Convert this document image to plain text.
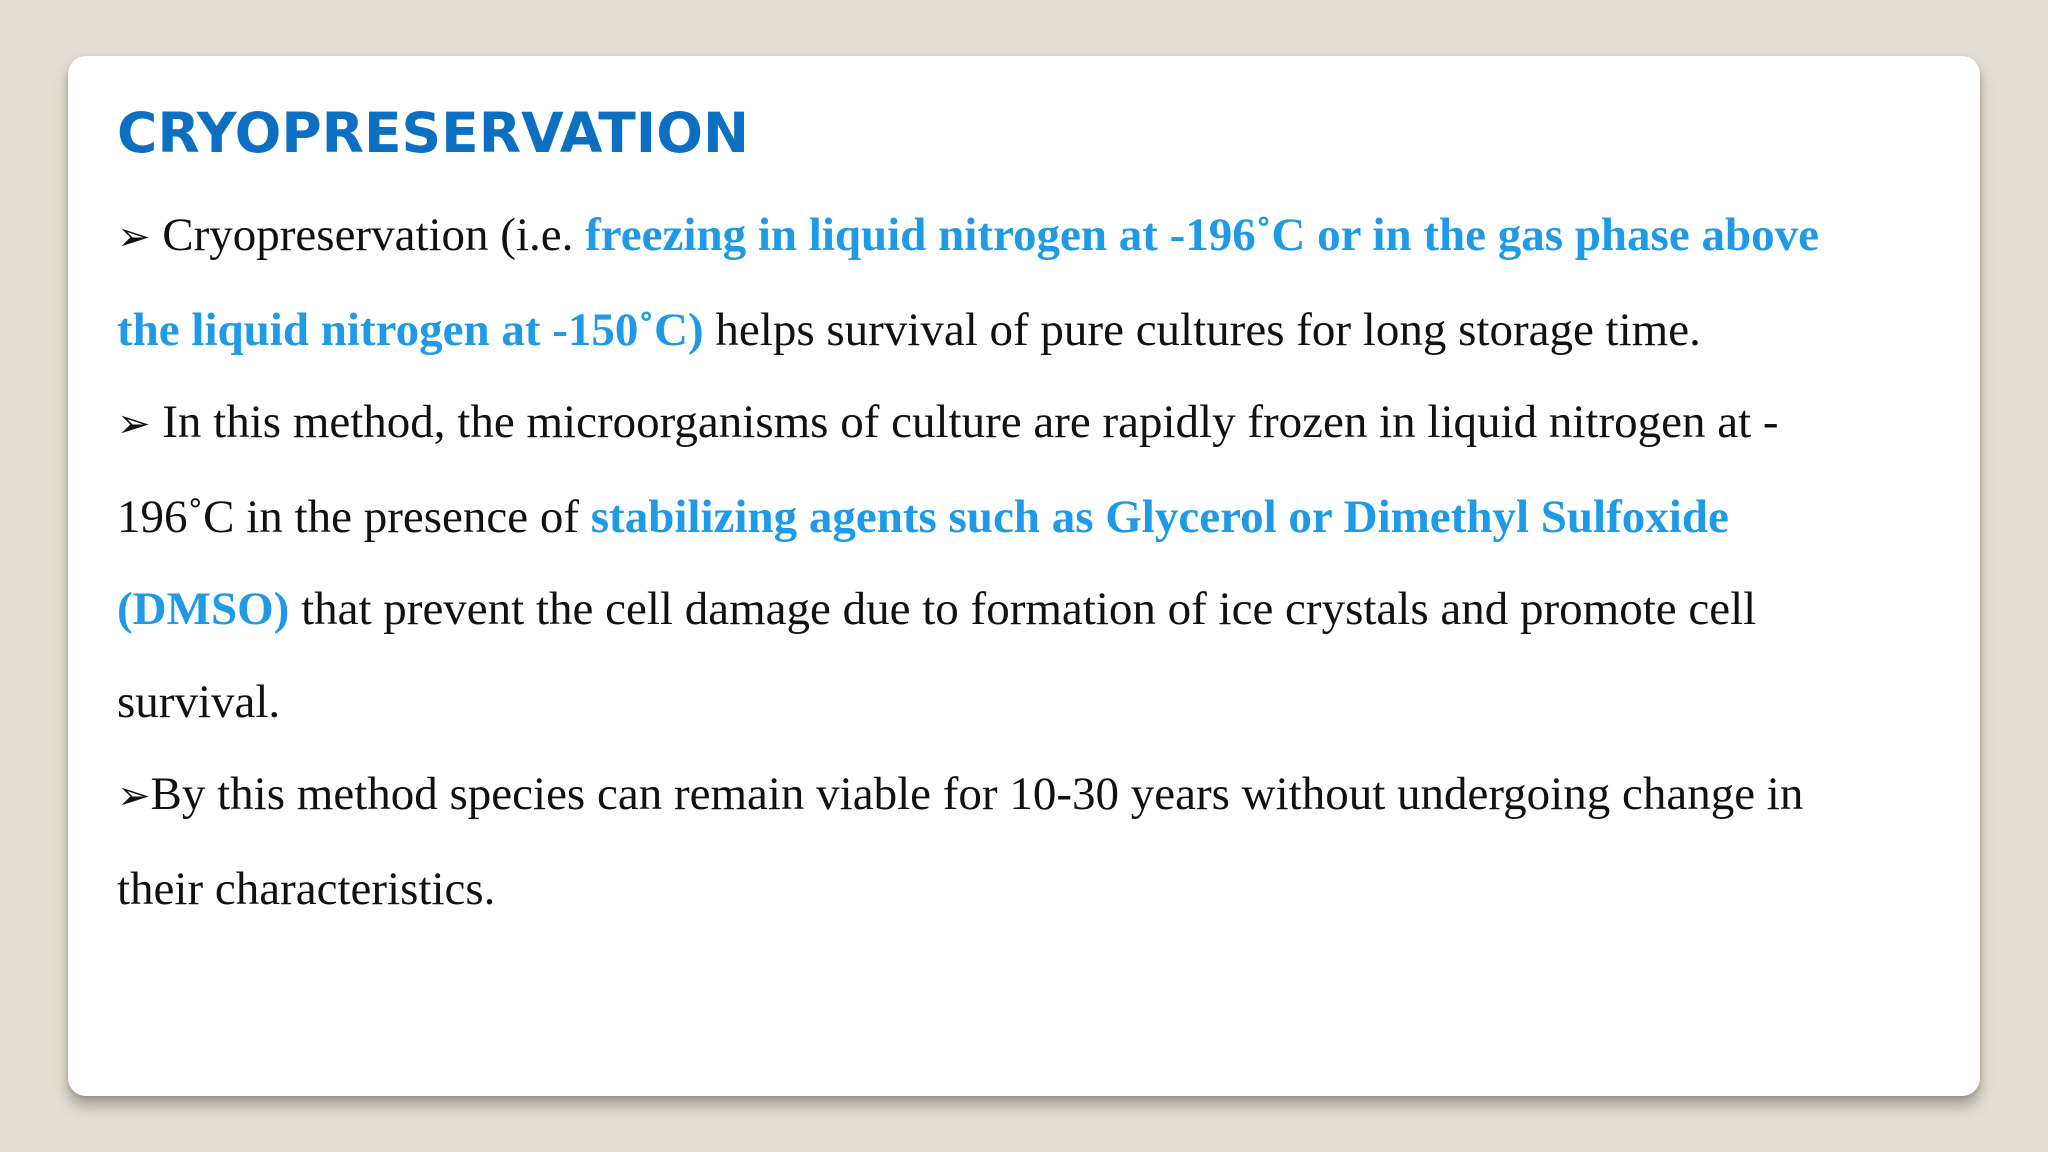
CRYOPRESERVATION

➢ Cryopreservation (i.e. freezing in liquid nitrogen at -196˚C or in the gas phase above
the liquid nitrogen at -150˚C) helps survival of pure cultures for long storage time.

➢ In this method, the microorganisms of culture are rapidly frozen in liquid nitrogen at -
196˚C in the presence of stabilizing agents such as Glycerol or Dimethyl Sulfoxide
(DMSO) that prevent the cell damage due to formation of ice crystals and promote cell
survival.

➢By this method species can remain viable for 10-30 years without undergoing change in
their characteristics.
